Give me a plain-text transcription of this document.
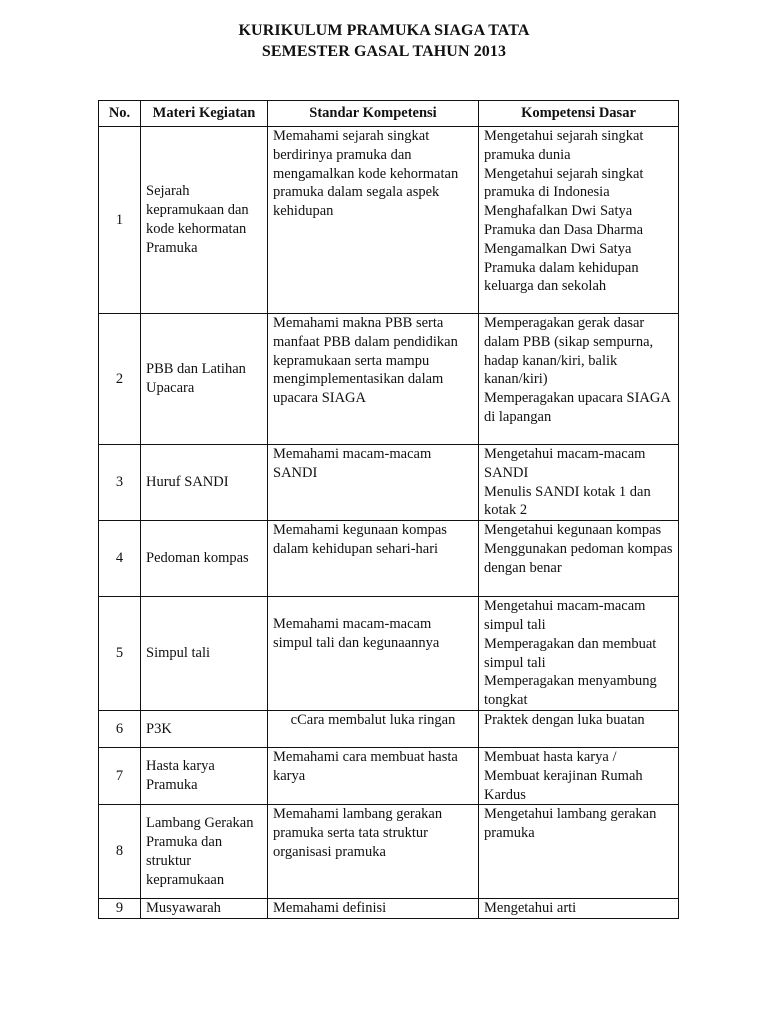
KURIKULUM PRAMUKA SIAGA TATA
SEMESTER GASAL TAHUN 2013
No.	Materi Kegiatan	Standar Kompetensi	Kompetensi Dasar
1	Sejarah kepramukaan dan kode kehormatan Pramuka	Memahami sejarah singkat berdirinya pramuka dan mengamalkan kode kehormatan pramuka dalam segala aspek kehidupan	Mengetahui sejarah singkat pramuka dunia
Mengetahui sejarah singkat pramuka di Indonesia
Menghafalkan Dwi Satya Pramuka dan Dasa Dharma
Mengamalkan Dwi Satya Pramuka dalam kehidupan keluarga dan sekolah

2	PBB dan Latihan Upacara	Memahami makna PBB serta manfaat PBB dalam pendidikan kepramukaan serta mampu mengimplementasikan dalam upacara SIAGA	Memperagakan gerak dasar dalam PBB (sikap sempurna, hadap kanan/kiri, balik kanan/kiri)
Memperagakan upacara SIAGA di lapangan

3	Huruf SANDI	Memahami macam-macam SANDI	Mengetahui macam-macam SANDI
Menulis SANDI kotak 1 dan kotak 2

4	Pedoman kompas	Memahami kegunaan kompas dalam kehidupan sehari-hari	Mengetahui kegunaan kompas
Menggunakan pedoman kompas dengan benar

5	Simpul tali	Memahami macam-macam simpul tali dan kegunaannya	Mengetahui macam-macam simpul tali
Memperagakan dan membuat simpul tali
Memperagakan menyambung tongkat

6	P3K	cCara membalut luka ringan	Praktek dengan luka buatan

7	Hasta karya Pramuka	Memahami cara membuat hasta karya	Membuat hasta karya / Membuat kerajinan Rumah Kardus

8	Lambang Gerakan Pramuka dan struktur kepramukaan	Memahami lambang gerakan pramuka serta tata struktur organisasi pramuka	Mengetahui lambang gerakan pramuka

9	Musyawarah	Memahami definisi	Mengetahui arti
